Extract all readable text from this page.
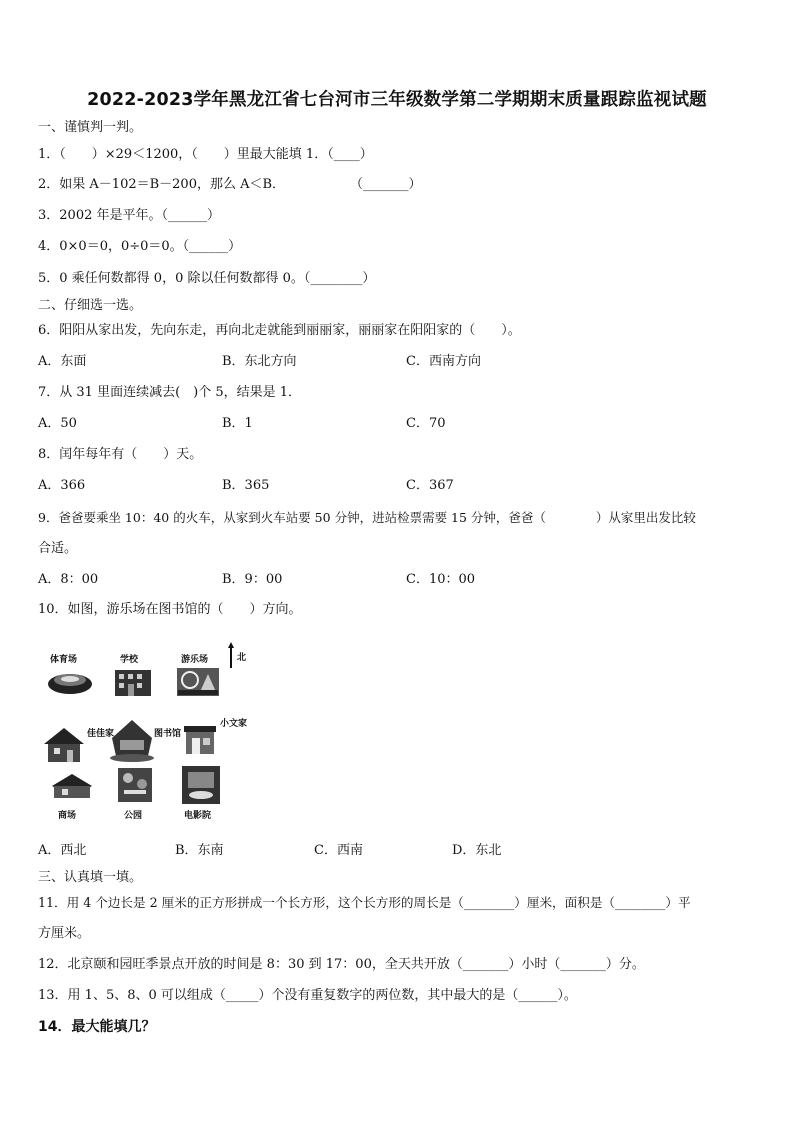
2022-2023学年黑龙江省七台河市三年级数学第二学期期末质量跟踪监视试题
一、谨慎判一判。
1．（　　）×29＜1200，（　　）里最大能填 1．（____）
2．如果 A－102＝B－200，那么 A＜B．　　　　　　（_______）
3．2002 年是平年。（______）
4．0×0＝0，0÷0＝0。（______）
5．0 乘任何数都得 0，0 除以任何数都得 0。（________）
二、仔细选一选。
6．阳阳从家出发，先向东走，再向北走就能到丽丽家，丽丽家在阳阳家的（　　）。
A．东面	B．东北方向	C．西南方向
7．从 31 里面连续减去(　)个 5，结果是 1．
A．50	B．1	C．70
8．闰年每年有（　　）天。
A．366	B．365	C．367
9．爸爸要乘坐 10：40 的火车，从家到火车站要 50 分钟，进站检票需要 15 分钟，爸爸（　　　　）从家里出发比较
合适。
A．8：00	B．9：00	C．10：00
10．如图，游乐场在图书馆的（　　）方向。
北
体育场	学校	游乐场
佳佳家	图书馆
小文家
商场	公园	电影院
A．西北	B．东南	C．西南	D．东北
三、认真填一填。
11．用 4 个边长是 2 厘米的正方形拼成一个长方形，这个长方形的周长是（________）厘米，面积是（________）平
方厘米。
12．北京颐和园旺季景点开放的时间是 8：30 到 17：00，全天共开放（_______）小时（_______）分。
13．用 1、5、8、0 可以组成（_____）个没有重复数字的两位数，其中最大的是（______）。
14．最大能填几？
